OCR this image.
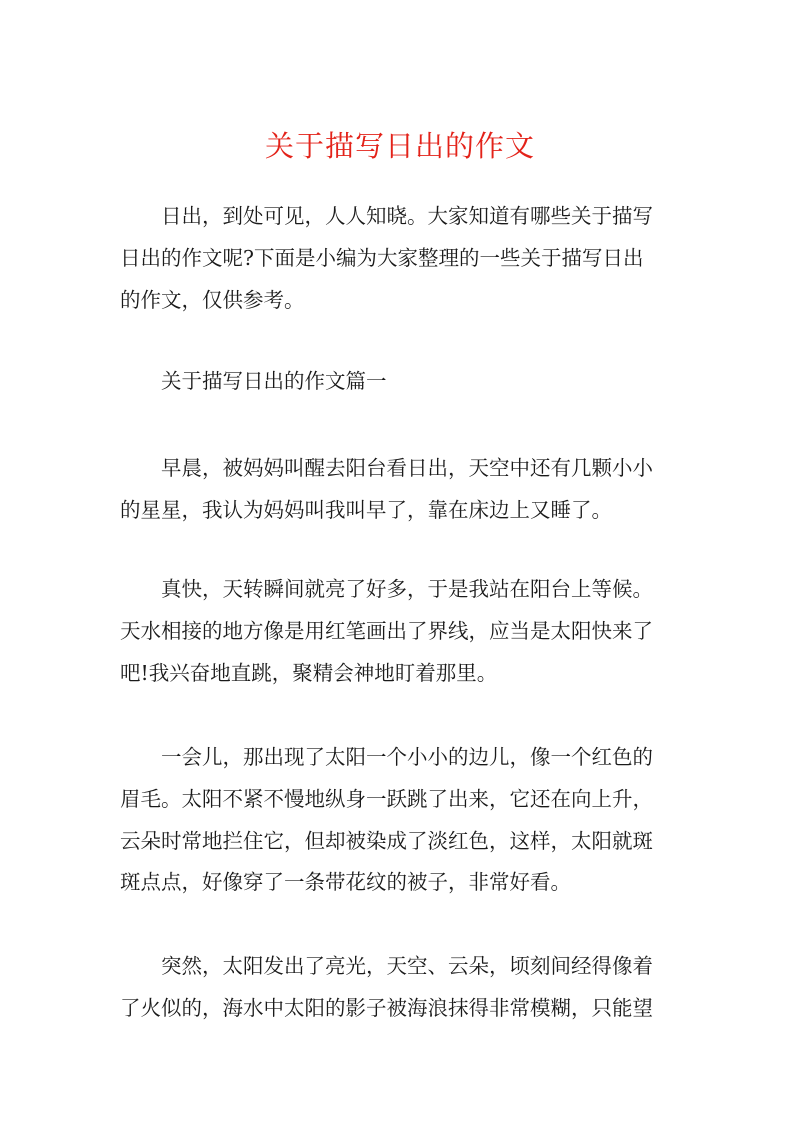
关于描写日出的作文
日出，到处可见，人人知晓。大家知道有哪些关于描写
日出的作文呢?下面是小编为大家整理的一些关于描写日出
的作文，仅供参考。
关于描写日出的作文篇一
早晨，被妈妈叫醒去阳台看日出，天空中还有几颗小小
的星星，我认为妈妈叫我叫早了，靠在床边上又睡了。
真快，天转瞬间就亮了好多，于是我站在阳台上等候。
天水相接的地方像是用红笔画出了界线，应当是太阳快来了
吧!我兴奋地直跳，聚精会神地盯着那里。
一会儿，那出现了太阳一个小小的边儿，像一个红色的
眉毛。太阳不紧不慢地纵身一跃跳了出来，它还在向上升，
云朵时常地拦住它，但却被染成了淡红色，这样，太阳就斑
斑点点，好像穿了一条带花纹的被子，非常好看。
突然，太阳发出了亮光，天空、云朵，顷刻间经得像着
了火似的，海水中太阳的影子被海浪抹得非常模糊，只能望
